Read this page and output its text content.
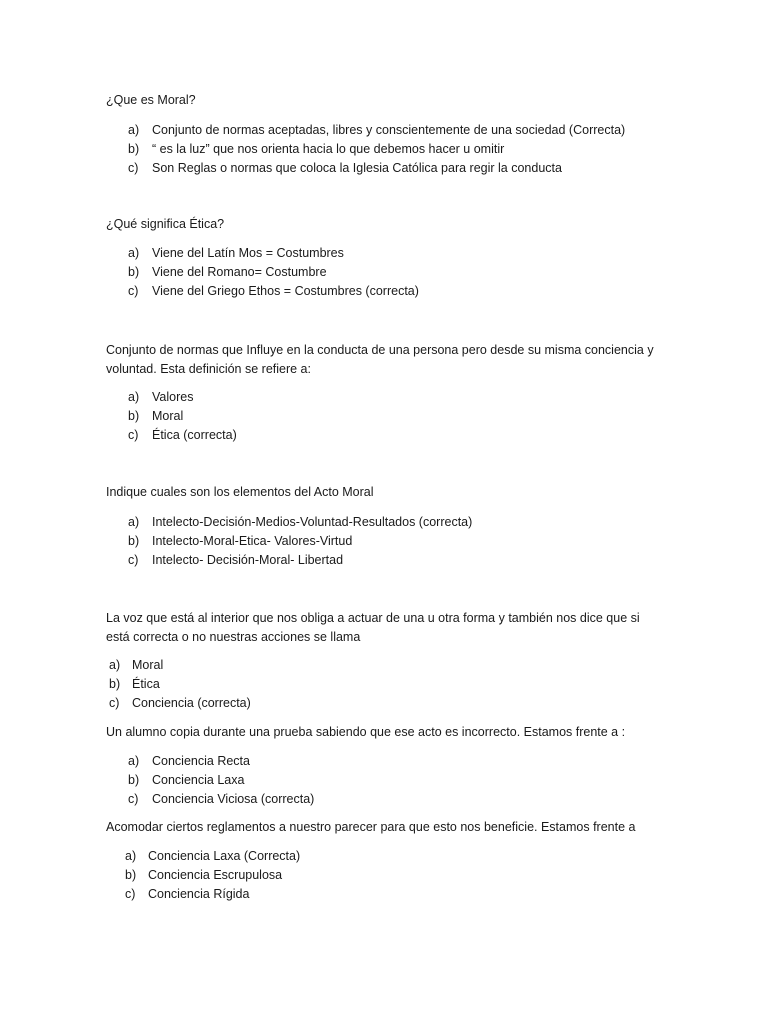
¿Que es Moral?
a) Conjunto de normas aceptadas, libres y conscientemente de una sociedad (Correcta)
b) “ es la luz” que nos orienta hacia lo que debemos hacer u omitir
c) Son Reglas o normas que coloca la Iglesia Católica para regir la conducta
¿Qué significa Ética?
a) Viene del Latín Mos = Costumbres
b) Viene del Romano= Costumbre
c) Viene del Griego Ethos = Costumbres (correcta)
Conjunto de normas que Influye en la conducta de una persona pero desde su misma conciencia y voluntad. Esta definición se refiere a:
a) Valores
b) Moral
c) Ética (correcta)
Indique cuales son los elementos del Acto Moral
a) Intelecto-Decisión-Medios-Voluntad-Resultados (correcta)
b) Intelecto-Moral-Etica- Valores-Virtud
c) Intelecto- Decisión-Moral- Libertad
La voz que está al interior que nos obliga a actuar de una u otra forma y también nos dice que si está correcta o no nuestras acciones se llama
a) Moral
b) Ética
c) Conciencia (correcta)
Un alumno copia durante una prueba sabiendo que ese acto es incorrecto. Estamos frente a :
a) Conciencia Recta
b) Conciencia Laxa
c) Conciencia Viciosa (correcta)
Acomodar ciertos reglamentos a nuestro parecer para que esto nos beneficie. Estamos frente a
a) Conciencia Laxa (Correcta)
b) Conciencia Escrupulosa
c) Conciencia Rígida
